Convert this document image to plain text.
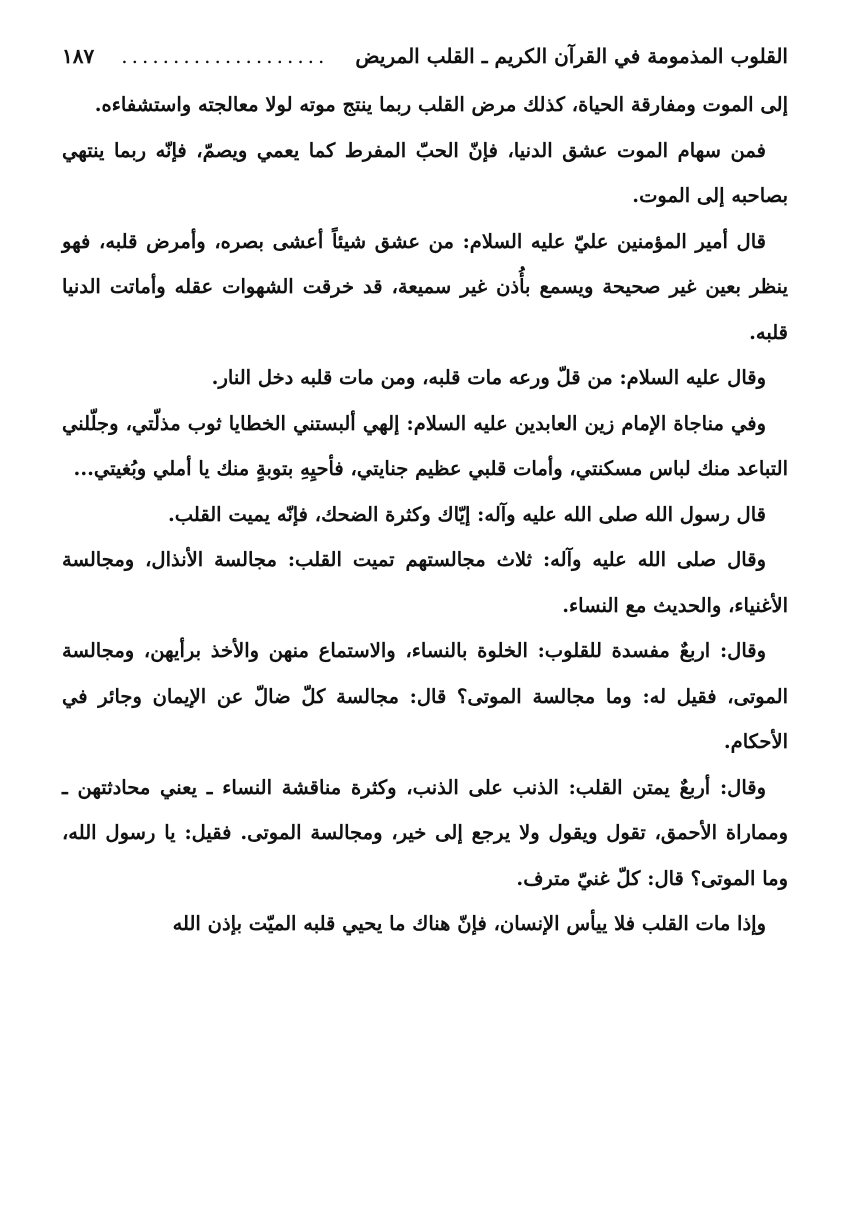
القلوب المذمومة في القرآن الكريم ـ القلب المريض
....................
١٨٧

إلى الموت ومفارقة الحياة، كذلك مرض القلب ربما ينتج موته لولا معالجته واستشفاءه.

فمن سهام الموت عشق الدنيا، فإنّ الحبّ المفرط كما يعمي ويصمّ، فإنّه ربما ينتهي بصاحبه إلى الموت.

قال أمير المؤمنين عليّ عليه السلام: من عشق شيئاً أعشى بصره، وأمرض قلبه، فهو ينظر بعين غير صحيحة ويسمع بأُذن غير سميعة، قد خرقت الشهوات عقله وأماتت الدنيا قلبه.

وقال عليه السلام: من قلّ ورعه مات قلبه، ومن مات قلبه دخل النار.

وفي مناجاة الإمام زين العابدين عليه السلام: إلهي ألبستني الخطايا ثوب مذلّتي، وجلّلني التباعد منك لباس مسكنتي، وأمات قلبي عظيم جنايتي، فأحيِهِ بتوبةٍ منك يا أملي وبُغيتي...

قال رسول الله صلى الله عليه وآله: إيّاك وكثرة الضحك، فإنّه يميت القلب.

وقال صلى الله عليه وآله: ثلاث مجالستهم تميت القلب: مجالسة الأنذال، ومجالسة الأغنياء، والحديث مع النساء.

وقال: اربعٌ مفسدة للقلوب: الخلوة بالنساء، والاستماع منهن والأخذ برأيهن، ومجالسة الموتى، فقيل له: وما مجالسة الموتى؟ قال: مجالسة كلّ ضالّ عن الإيمان وجائر في الأحكام.

وقال: أربعٌ يمتن القلب: الذنب على الذنب، وكثرة مناقشة النساء ـ يعني محادثتهن ـ ومماراة الأحمق، تقول ويقول ولا يرجع إلى خير، ومجالسة الموتى. فقيل: يا رسول الله، وما الموتى؟ قال: كلّ غنيّ مترف.

وإذا مات القلب فلا ييأس الإنسان، فإنّ هناك ما يحيي قلبه الميّت بإذن الله
